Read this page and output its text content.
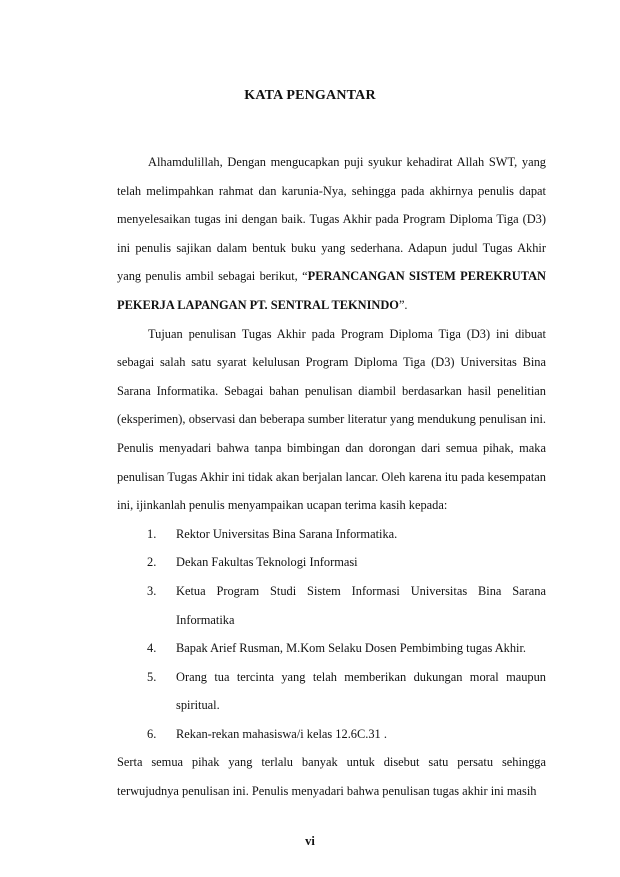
KATA PENGANTAR

Alhamdulillah, Dengan mengucapkan puji syukur kehadirat Allah SWT, yang telah melimpahkan rahmat dan karunia-Nya, sehingga pada akhirnya penulis dapat menyelesaikan tugas ini dengan baik. Tugas Akhir pada Program Diploma Tiga (D3) ini penulis sajikan dalam bentuk buku yang sederhana. Adapun judul Tugas Akhir yang penulis ambil sebagai berikut, “PERANCANGAN SISTEM PEREKRUTAN PEKERJA LAPANGAN PT. SENTRAL TEKNINDO”.

Tujuan penulisan Tugas Akhir pada Program Diploma Tiga (D3) ini dibuat sebagai salah satu syarat kelulusan Program Diploma Tiga (D3) Universitas Bina Sarana Informatika. Sebagai bahan penulisan diambil berdasarkan hasil penelitian (eksperimen), observasi dan beberapa sumber literatur yang mendukung penulisan ini. Penulis menyadari bahwa tanpa bimbingan dan dorongan dari semua pihak, maka penulisan Tugas Akhir ini tidak akan berjalan lancar. Oleh karena itu pada kesempatan ini, ijinkanlah penulis menyampaikan ucapan terima kasih kepada:

1. Rektor Universitas Bina Sarana Informatika.
2. Dekan Fakultas Teknologi Informasi
3. Ketua Program Studi Sistem Informasi Universitas Bina Sarana Informatika
4. Bapak Arief Rusman, M.Kom Selaku Dosen Pembimbing tugas Akhir.
5. Orang tua tercinta yang telah memberikan dukungan moral maupun spiritual.
6. Rekan-rekan mahasiswa/i kelas 12.6C.31 .

Serta semua pihak yang terlalu banyak untuk disebut satu persatu sehingga terwujudnya penulisan ini. Penulis menyadari bahwa penulisan tugas akhir ini masih

vi
